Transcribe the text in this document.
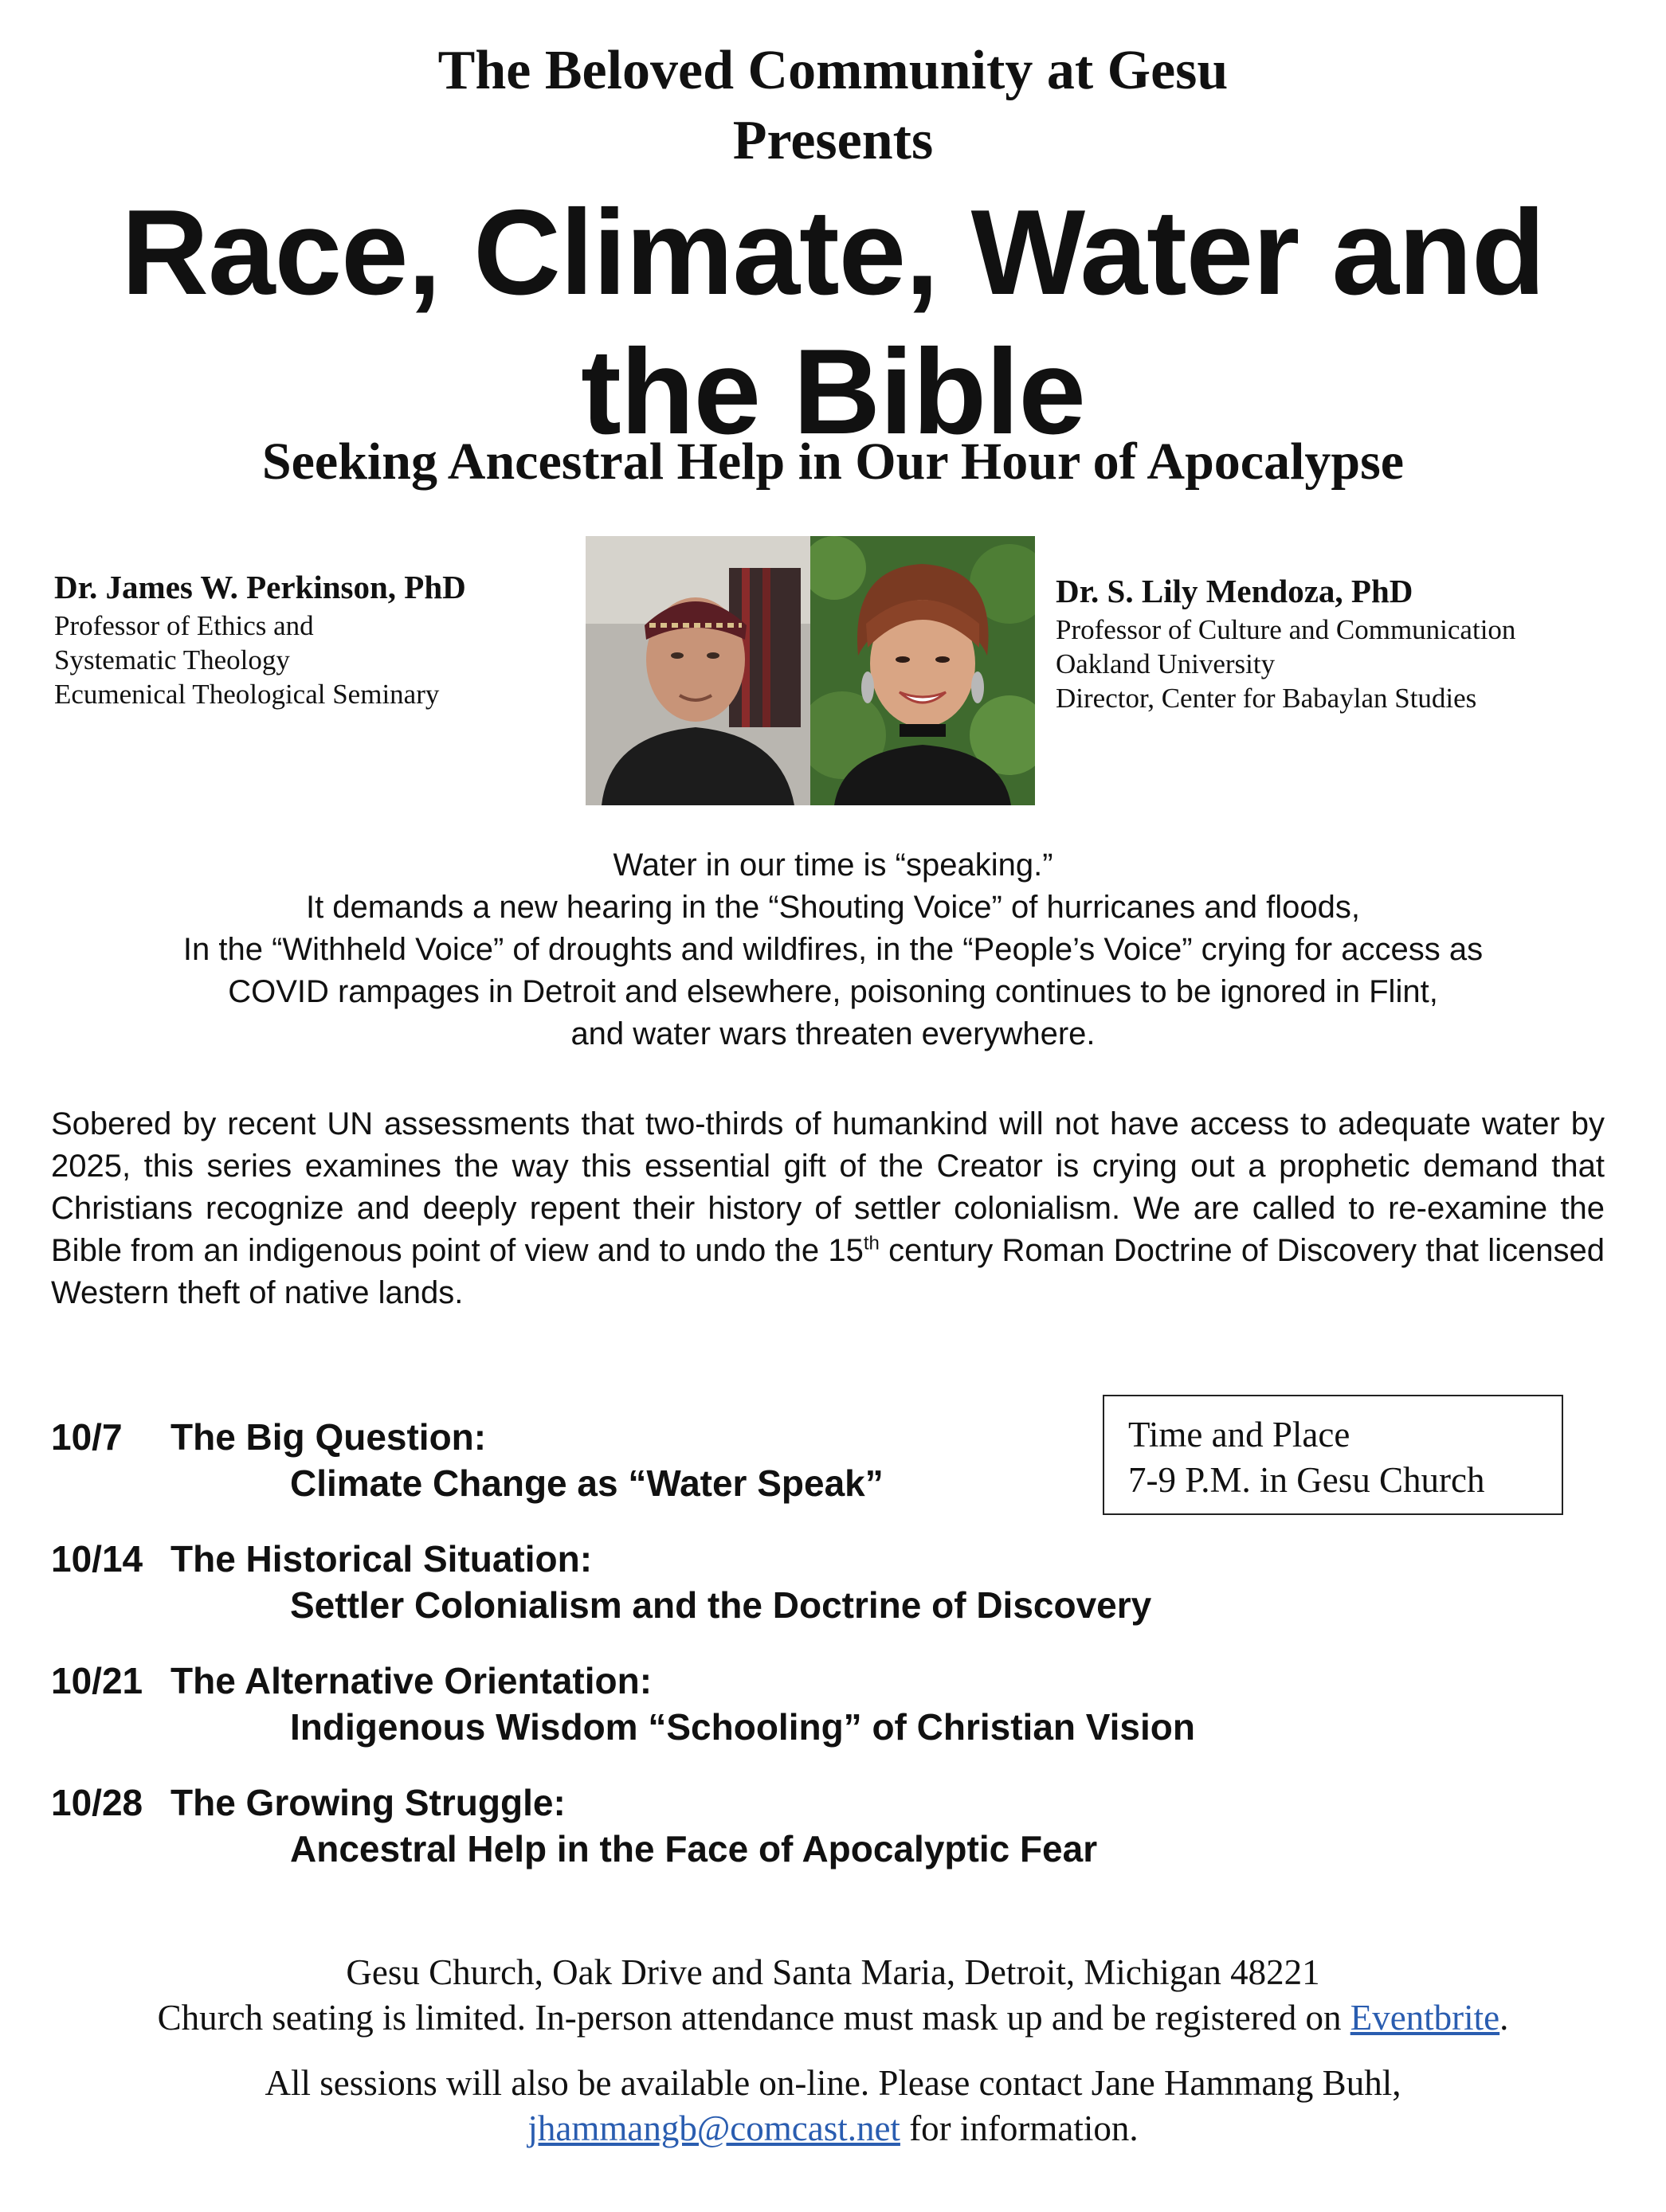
The Beloved Community at Gesu
Presents
Race, Climate, Water and
the Bible
Seeking Ancestral Help in Our Hour of Apocalypse
Dr. James W. Perkinson, PhD
Professor of Ethics and
Systematic Theology
Ecumenical Theological Seminary
Dr. S. Lily Mendoza, PhD
Professor of Culture and Communication
Oakland University
Director, Center for Babaylan Studies
Water in our time is “speaking.”
It demands a new hearing in the “Shouting Voice” of hurricanes and floods,
In the “Withheld Voice” of droughts and wildfires, in the “People’s Voice” crying for access as
COVID rampages in Detroit and elsewhere, poisoning continues to be ignored in Flint,
and water wars threaten everywhere.
Sobered by recent UN assessments that two-thirds of humankind will not have access to adequate water by 2025, this series examines the way this essential gift of the Creator is crying out a prophetic demand that Christians recognize and deeply repent their history of settler colonialism. We are called to re-examine the Bible from an indigenous point of view and to undo the 15th century Roman Doctrine of Discovery that licensed Western theft of native lands.
10/7 The Big Question:
Climate Change as “Water Speak”
10/14 The Historical Situation:
Settler Colonialism and the Doctrine of Discovery
10/21 The Alternative Orientation:
Indigenous Wisdom “Schooling” of Christian Vision
10/28 The Growing Struggle:
Ancestral Help in the Face of Apocalyptic Fear
Time and Place
7-9 P.M. in Gesu Church
Gesu Church, Oak Drive and Santa Maria, Detroit, Michigan 48221
Church seating is limited. In-person attendance must mask up and be registered on Eventbrite.
All sessions will also be available on-line. Please contact Jane Hammang Buhl,
jhammangb@comcast.net for information.
